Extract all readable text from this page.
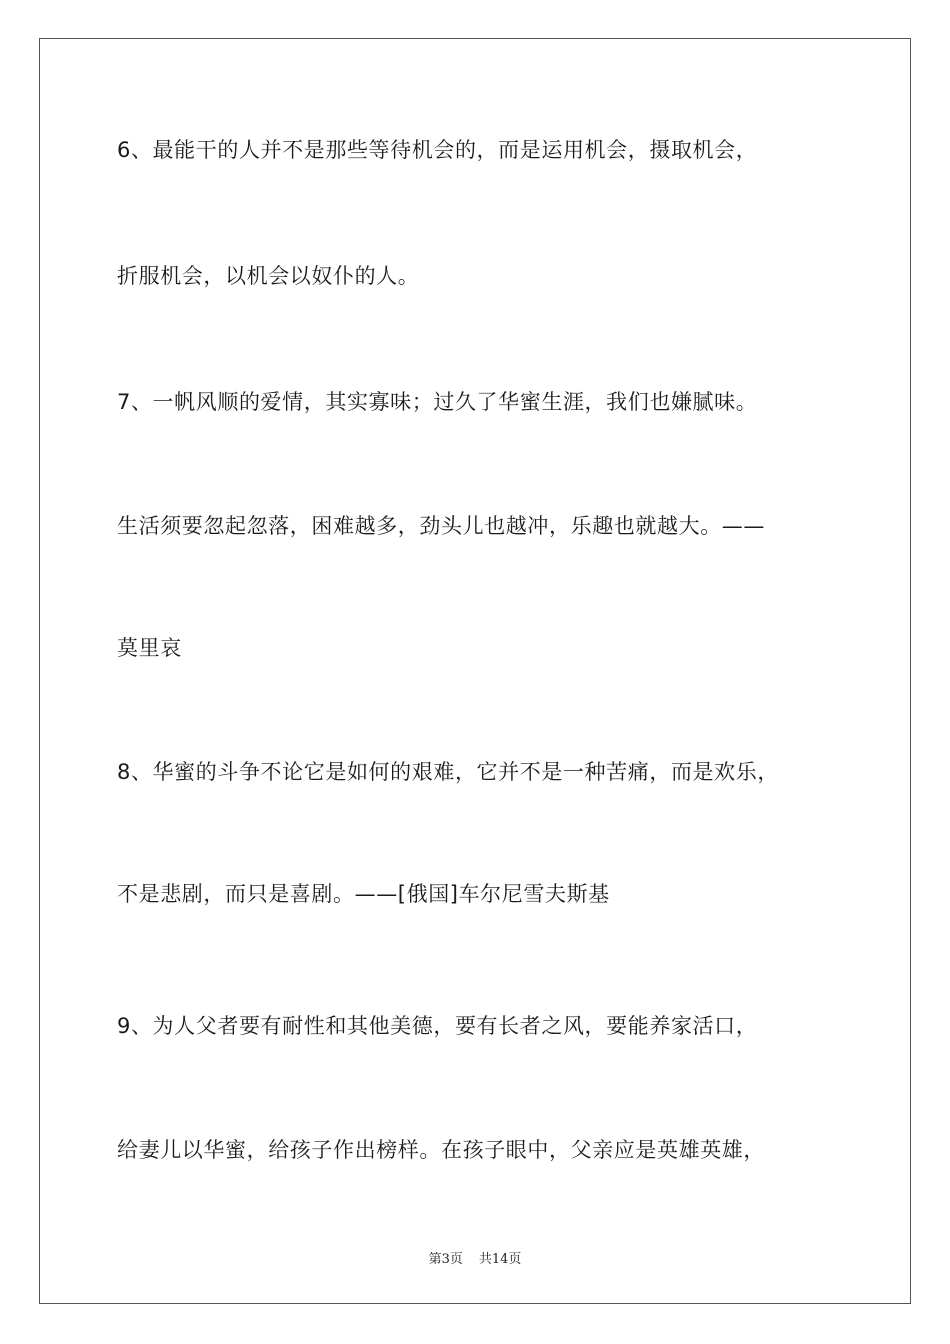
6、最能干的人并不是那些等待机会的，而是运用机会，摄取机会，
折服机会，以机会以奴仆的人。
7、一帆风顺的爱情，其实寡味；过久了华蜜生涯，我们也嫌腻味。
生活须要忽起忽落，困难越多，劲头儿也越冲，乐趣也就越大。——
莫里哀
8、华蜜的斗争不论它是如何的艰难，它并不是一种苦痛，而是欢乐，
不是悲剧，而只是喜剧。——[俄国]车尔尼雪夫斯基
9、为人父者要有耐性和其他美德，要有长者之风，要能养家活口，
给妻儿以华蜜，给孩子作出榜样。在孩子眼中，父亲应是英雄英雄，
第3页 共14页
